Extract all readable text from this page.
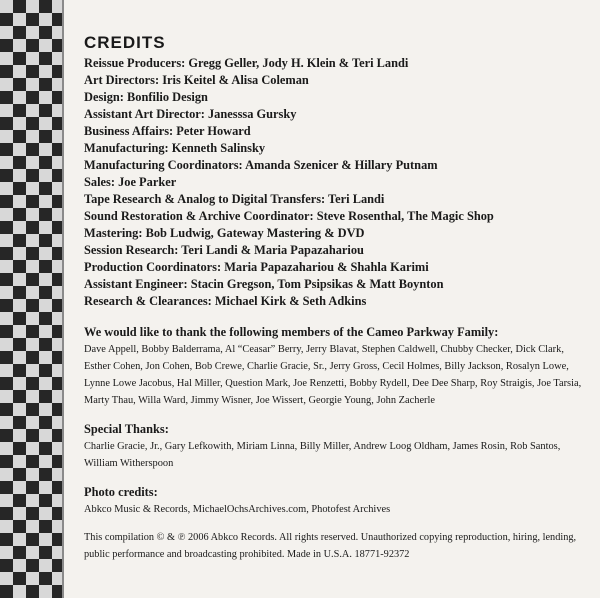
CREDITS
Reissue Producers: Gregg Geller, Jody H. Klein & Teri Landi
Art Directors: Iris Keitel & Alisa Coleman
Design: Bonfilio Design
Assistant Art Director: Janesssa Gursky
Business Affairs: Peter Howard
Manufacturing: Kenneth Salinsky
Manufacturing Coordinators: Amanda Szenicer & Hillary Putnam
Sales: Joe Parker
Tape Research & Analog to Digital Transfers: Teri Landi
Sound Restoration & Archive Coordinator: Steve Rosenthal, The Magic Shop
Mastering: Bob Ludwig, Gateway Mastering & DVD
Session Research: Teri Landi & Maria Papazahariou
Production Coordinators: Maria Papazahariou & Shahla Karimi
Assistant Engineer: Stacin Gregson, Tom Psipsikas & Matt Boynton
Research & Clearances: Michael Kirk & Seth Adkins
We would like to thank the following members of the Cameo Parkway Family:

Dave Appell, Bobby Balderrama, Al “Ceasar” Berry, Jerry Blavat, Stephen Caldwell, Chubby Checker, Dick Clark, Esther Cohen, Jon Cohen, Bob Crewe, Charlie Gracie, Sr., Jerry Gross, Cecil Holmes, Billy Jackson, Rosalyn Lowe, Lynne Lowe Jacobus, Hal Miller, Question Mark, Joe Renzetti, Bobby Rydell, Dee Dee Sharp, Roy Straigis, Joe Tarsia, Marty Thau, Willa Ward, Jimmy Wisner, Joe Wissert, Georgie Young, John Zacherle

Special Thanks:

Charlie Gracie, Jr., Gary Lefkowith, Miriam Linna, Billy Miller, Andrew Loog Oldham, James Rosin, Rob Santos, William Witherspoon

Photo credits:

Abkco Music & Records, MichaelOchsArchives.com, Photofest Archives

This compilation © & ℗ 2006 Abkco Records. All rights reserved. Unauthorized copying reproduction, hiring, lending, public performance and broadcasting prohibited. Made in U.S.A. 18771-92372
